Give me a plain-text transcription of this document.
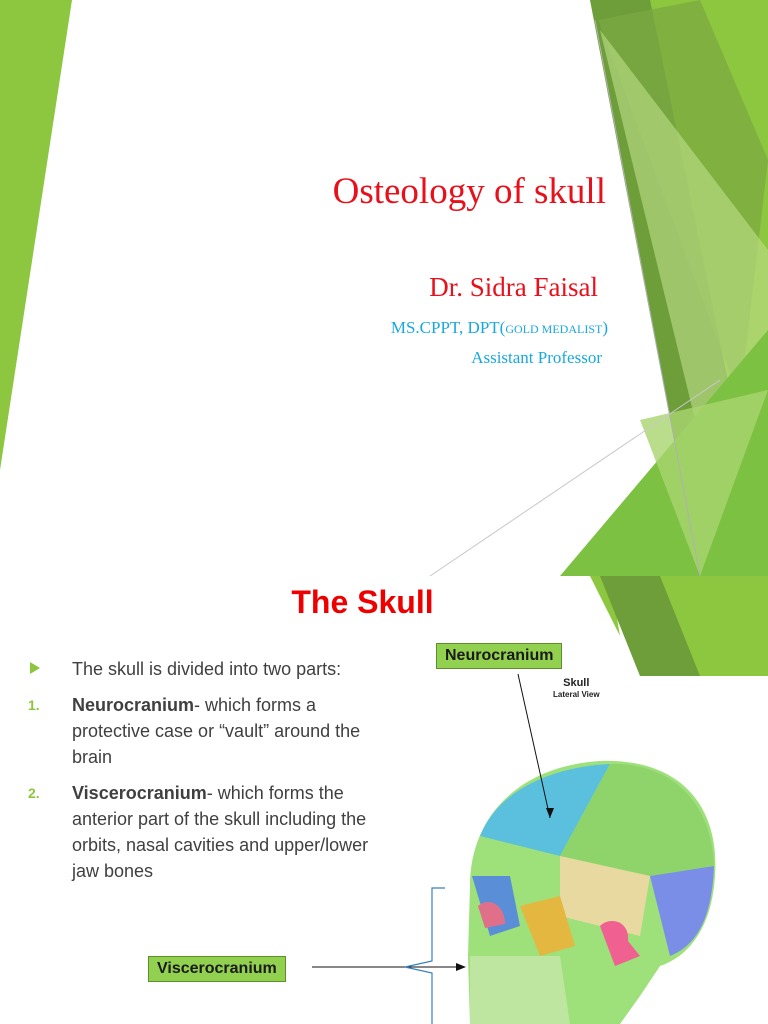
Osteology of skull
Dr. Sidra Faisal
MS.CPPT, DPT(GOLD MEDALIST)
Assistant Professor
The Skull
The skull is divided into two parts:
1. Neurocranium- which forms a protective case or “vault” around the brain
2. Viscerocranium- which forms the anterior part of the skull including the orbits, nasal cavities and upper/lower jaw bones
Neurocranium
Viscerocranium
Skull
Lateral View
